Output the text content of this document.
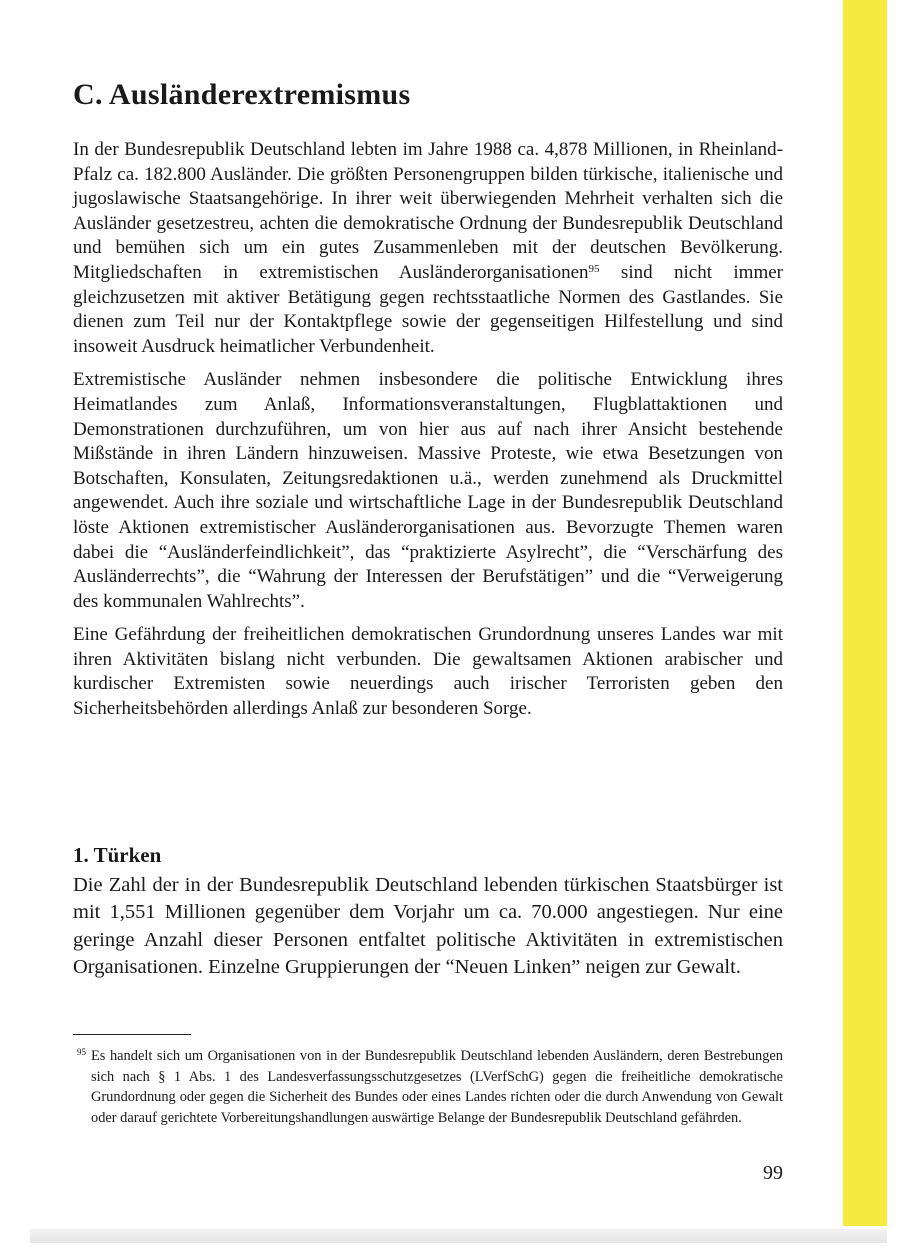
C. Ausländerextremismus

In der Bundesrepublik Deutschland lebten im Jahre 1988 ca. 4,878 Millionen, in Rheinland-Pfalz ca. 182.800 Ausländer. Die größten Personengruppen bilden türkische, italienische und jugoslawische Staatsangehörige. In ihrer weit überwiegenden Mehrheit verhalten sich die Ausländer gesetzestreu, achten die demokratische Ordnung der Bundesrepublik Deutschland und bemühen sich um ein gutes Zusammenleben mit der deutschen Bevölkerung. Mitgliedschaften in extremistischen Ausländerorganisationen$^{95}$ sind nicht immer gleichzusetzen mit aktiver Betätigung gegen rechtsstaatliche Normen des Gastlandes. Sie dienen zum Teil nur der Kontaktpflege sowie der gegenseitigen Hilfestellung und sind insoweit Ausdruck heimatlicher Verbundenheit.

Extremistische Ausländer nehmen insbesondere die politische Entwicklung ihres Heimatlandes zum Anlaß, Informationsveranstaltungen, Flugblattaktionen und Demonstrationen durchzuführen, um von hier aus auf nach ihrer Ansicht bestehende Mißstände in ihren Ländern hinzuweisen. Massive Proteste, wie etwa Besetzungen von Botschaften, Konsulaten, Zeitungsredaktionen u.ä., werden zunehmend als Druckmittel angewendet. Auch ihre soziale und wirtschaftliche Lage in der Bundesrepublik Deutschland löste Aktionen extremistischer Ausländerorganisationen aus. Bevorzugte Themen waren dabei die “Ausländerfeindlichkeit”, das “praktizierte Asylrecht”, die “Verschärfung des Ausländerrechts”, die “Wahrung der Interessen der Berufstätigen” und die “Verweigerung des kommunalen Wahlrechts”.

Eine Gefährdung der freiheitlichen demokratischen Grundordnung unseres Landes war mit ihren Aktivitäten bislang nicht verbunden. Die gewaltsamen Aktionen arabischer und kurdischer Extremisten sowie neuerdings auch irischer Terroristen geben den Sicherheitsbehörden allerdings Anlaß zur besonderen Sorge.

1. Türken

Die Zahl der in der Bundesrepublik Deutschland lebenden türkischen Staatsbürger ist mit 1,551 Millionen gegenüber dem Vorjahr um ca. 70.000 angestiegen. Nur eine geringe Anzahl dieser Personen entfaltet politische Aktivitäten in extremistischen Organisationen. Einzelne Gruppierungen der “Neuen Linken” neigen zur Gewalt.

95 Es handelt sich um Organisationen von in der Bundesrepublik Deutschland lebenden Ausländern, deren Bestrebungen sich nach § 1 Abs. 1 des Landesverfassungsschutzgesetzes (LVerfSchG) gegen die freiheitliche demokratische Grundordnung oder gegen die Sicherheit des Bundes oder eines Landes richten oder die durch Anwendung von Gewalt oder darauf gerichtete Vorbereitungshandlungen auswärtige Belange der Bundesrepublik Deutschland gefährden.
99
